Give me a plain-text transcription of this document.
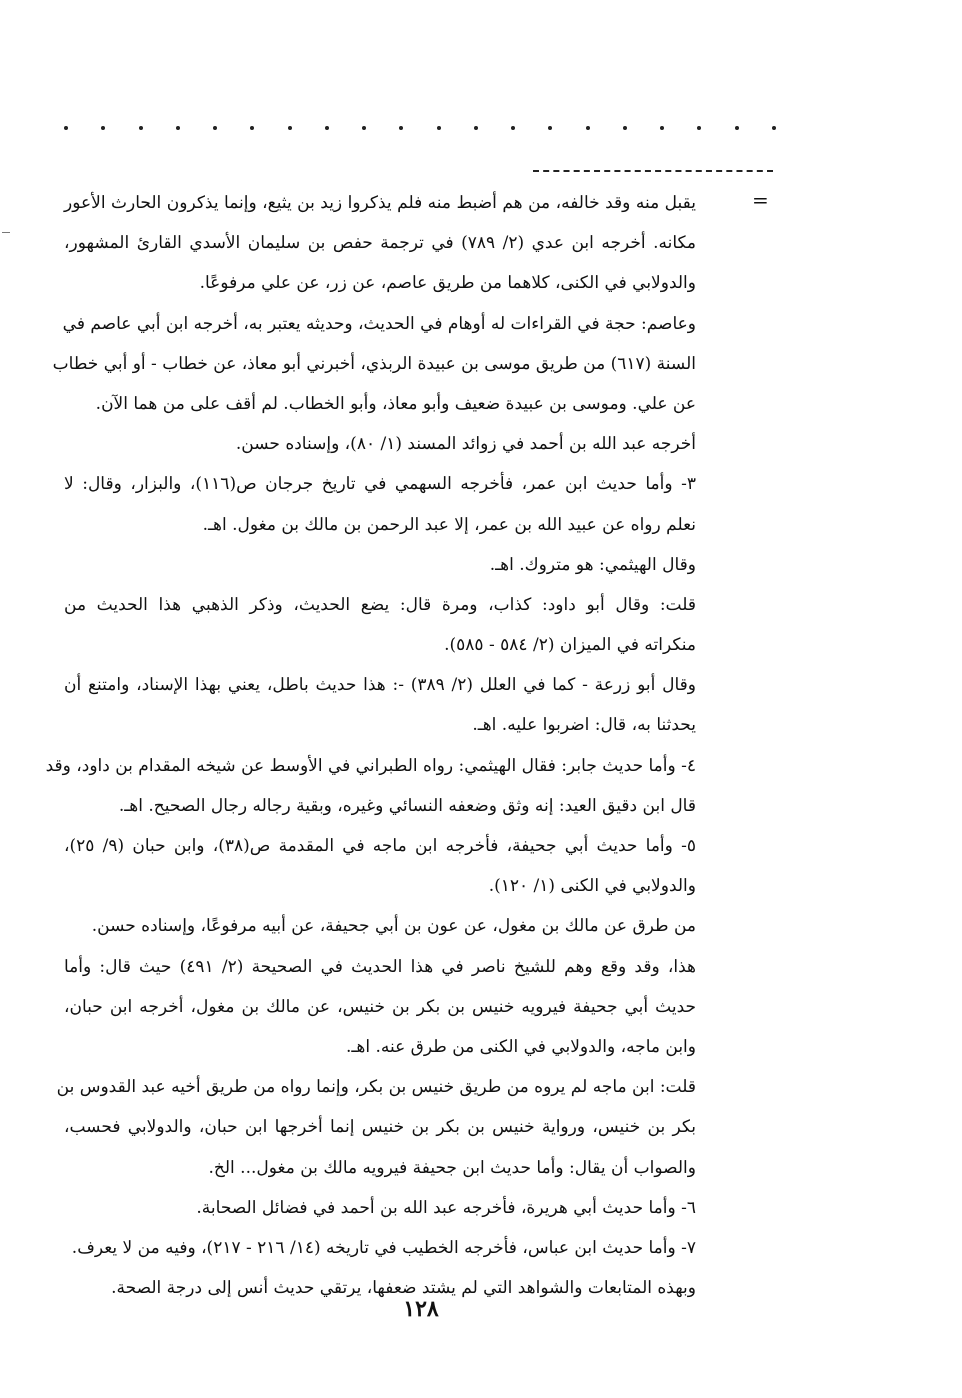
=
يقبل منه وقد خالفه، من هم أضبط منه فلم يذكروا زيد بن يثيع، وإنما يذكرون الحارث الأعور
مكانه. أخرجه ابن عدي (٢/ ٧٨٩) في ترجمة حفص بن سليمان الأسدي القارئ المشهور،
والدولابي في الكنى، كلاهما من طريق عاصم، عن زر، عن علي مرفوعًا.
وعاصم: حجة في القراءات له أوهام في الحديث، وحديثه يعتبر به، أخرجه ابن أبي عاصم في
السنة (٦١٧) من طريق موسى بن عبيدة الربذي، أخبرني أبو معاذ، عن خطاب - أو أبي خطاب
عن علي. وموسى بن عبيدة ضعيف وأبو معاذ، وأبو الخطاب. لم أقف على من هما الآن.
أخرجه عبد الله بن أحمد في زوائد المسند (١/ ٨٠)، وإسناده حسن.
٣- وأما حديث ابن عمر، فأخرجه السهمي في تاريخ جرجان ص(١١٦)، والبزار، وقال: لا
نعلم رواه عن عبيد الله بن عمر، إلا عبد الرحمن بن مالك بن مغول. اهـ.
وقال الهيثمي: هو متروك. اهـ.
قلت: وقال أبو داود: كذاب، ومرة قال: يضع الحديث، وذكر الذهبي هذا الحديث من
منكراته في الميزان (٢/ ٥٨٤ - ٥٨٥).
وقال أبو زرعة - كما في العلل (٢/ ٣٨٩) -: هذا حديث باطل، يعني بهذا الإسناد، وامتنع أن
يحدثنا به، قال: اضربوا عليه. اهـ.
٤- وأما حديث جابر: فقال الهيثمي: رواه الطبراني في الأوسط عن شيخه المقدام بن داود، وقد
قال ابن دقيق العيد: إنه وثق وضعفه النسائي وغيره، وبقية رجاله رجال الصحيح. اهـ.
٥- وأما حديث أبي جحيفة، فأخرجه ابن ماجه في المقدمة ص(٣٨)، وابن حبان (٩/ ٢٥)،
والدولابي في الكنى (١/ ١٢٠).
من طرق عن مالك بن مغول، عن عون بن أبي جحيفة، عن أبيه مرفوعًا، وإسناده حسن.
هذا، وقد وقع وهم للشيخ ناصر في هذا الحديث في الصحيحة (٢/ ٤٩١) حيث قال: وأما
حديث أبي جحيفة فيرويه خنيس بن بكر بن خنيس، عن مالك بن مغول، أخرجه ابن حبان،
وابن ماجه، والدولابي في الكنى من طرق عنه. اهـ.
قلت: ابن ماجه لم يروه من طريق خنيس بن بكر، وإنما رواه من طريق أخيه عبد القدوس بن
بكر بن خنيس، ورواية خنيس بن بكر بن خنيس إنما أخرجها ابن حبان، والدولابي فحسب،
والصواب أن يقال: وأما حديث ابن جحيفة فيرويه مالك بن مغول... الخ.
٦- وأما حديث أبي هريرة، فأخرجه عبد الله بن أحمد في فضائل الصحابة.
٧- وأما حديث ابن عباس، فأخرجه الخطيب في تاريخه (١٤/ ٢١٦ - ٢١٧)، وفيه من لا يعرف.
وبهذه المتابعات والشواهد التي لم يشتد ضعفها، يرتقي حديث أنس إلى درجة الصحة.
١٢٨
